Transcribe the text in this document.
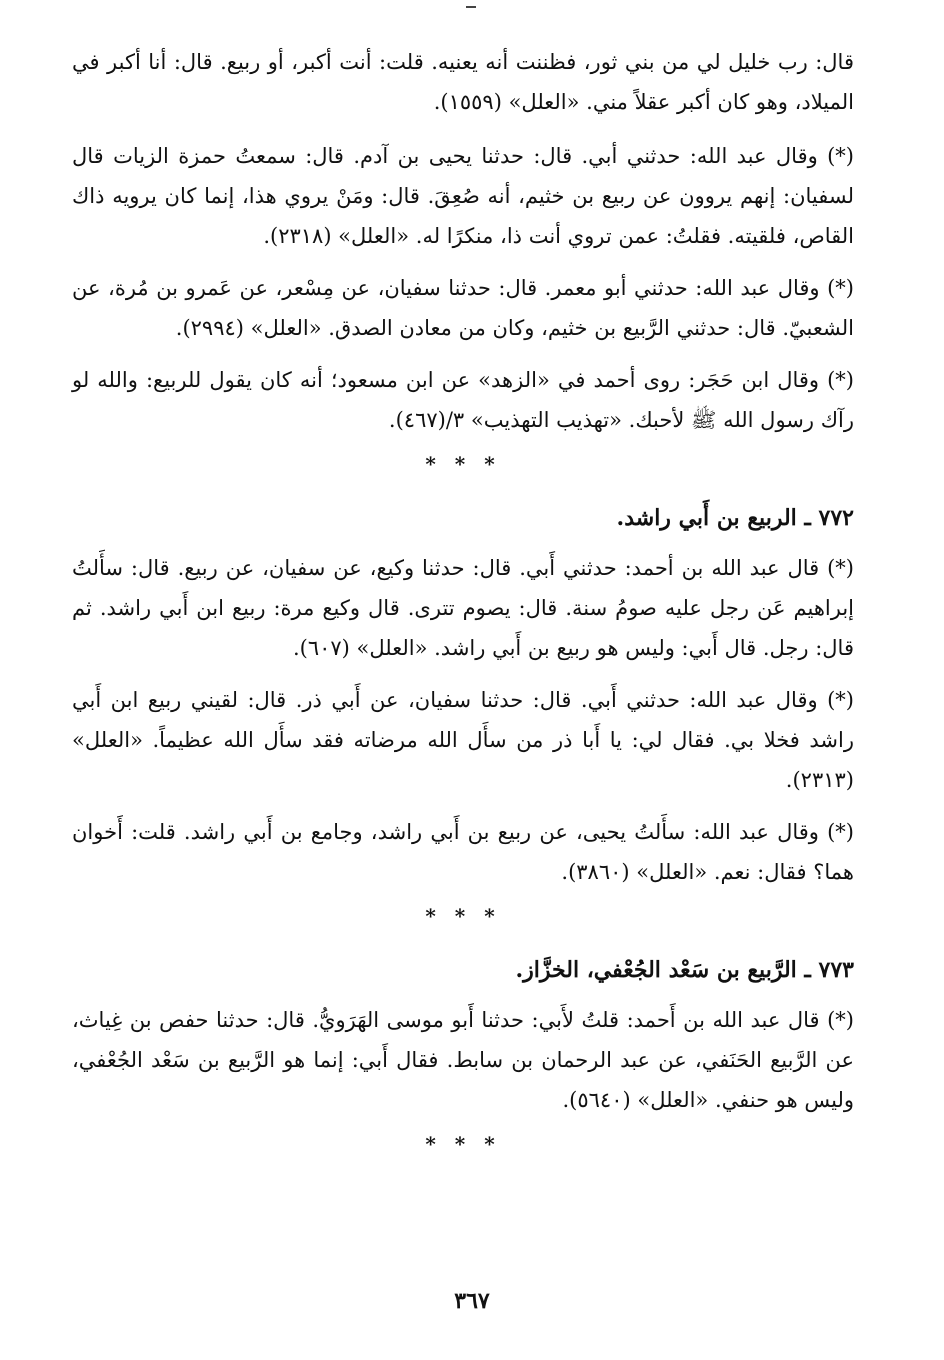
قال: رب خليل لي من بني ثور، فظننت أنه يعنيه. قلت: أنت أكبر، أو ربيع. قال: أنا أكبر في الميلاد، وهو كان أكبر عقلاً مني. «العلل» (١٥٥٩).

(*) وقال عبد الله: حدثني أبي. قال: حدثنا يحيى بن آدم. قال: سمعتُ حمزة الزيات قال لسفيان: إنهم يروون عن ربيع بن خثيم، أنه صُعِقَ. قال: ومَنْ يروي هذا، إنما كان يرويه ذاك القاص، فلقيته. فقلتُ: عمن تروي أنت ذا، منكرًا له. «العلل» (٢٣١٨).

(*) وقال عبد الله: حدثني أبو معمر. قال: حدثنا سفيان، عن مِسْعر، عن عَمرو بن مُرة، عن الشعبيّ. قال: حدثني الرَّبيع بن خثيم، وكان من معادن الصدق. «العلل» (٢٩٩٤).

(*) وقال ابن حَجَر: روى أحمد في «الزهد» عن ابن مسعود؛ أنه كان يقول للربيع: والله لو رآك رسول الله ﷺ لأحبك. «تهذيب التهذيب» ٣/(٤٦٧).

* * *
٧٧٢ ـ الربيع بن أَبي راشد.

(*) قال عبد الله بن أحمد: حدثني أَبي. قال: حدثنا وكيع، عن سفيان، عن ربيع. قال: سأَلتُ إبراهيم عَن رجل عليه صومُ سنة. قال: يصوم تترى. قال وكيع مرة: ربيع ابن أَبي راشد. ثم قال: رجل. قال أَبي: وليس هو ربيع بن أَبي راشد. «العلل» (٦٠٧).

(*) وقال عبد الله: حدثني أَبي. قال: حدثنا سفيان، عن أَبي ذر. قال: لقيني ربيع ابن أَبي راشد فخلا بي. فقال لي: يا أَبا ذر من سأَل الله مرضاته فقد سأَل الله عظيماً. «العلل» (٢٣١٣).

(*) وقال عبد الله: سأَلتُ يحيى، عن ربيع بن أَبي راشد، وجامع بن أَبي راشد. قلت: أَخوان هما؟ فقال: نعم. «العلل» (٣٨٦٠).

* * *
٧٧٣ ـ الرَّبيع بن سَعْد الجُعْفي، الخزَّاز.

(*) قال عبد الله بن أَحمد: قلتُ لأَبي: حدثنا أَبو موسى الهَرَويُّ. قال: حدثنا حفص بن غِياث، عن الرَّبيع الحَنَفي، عن عبد الرحمان بن سابط. فقال أَبي: إنما هو الرَّبيع بن سَعْد الجُعْفي، وليس هو حنفي. «العلل» (٥٦٤٠).

* * *
٣٦٧
